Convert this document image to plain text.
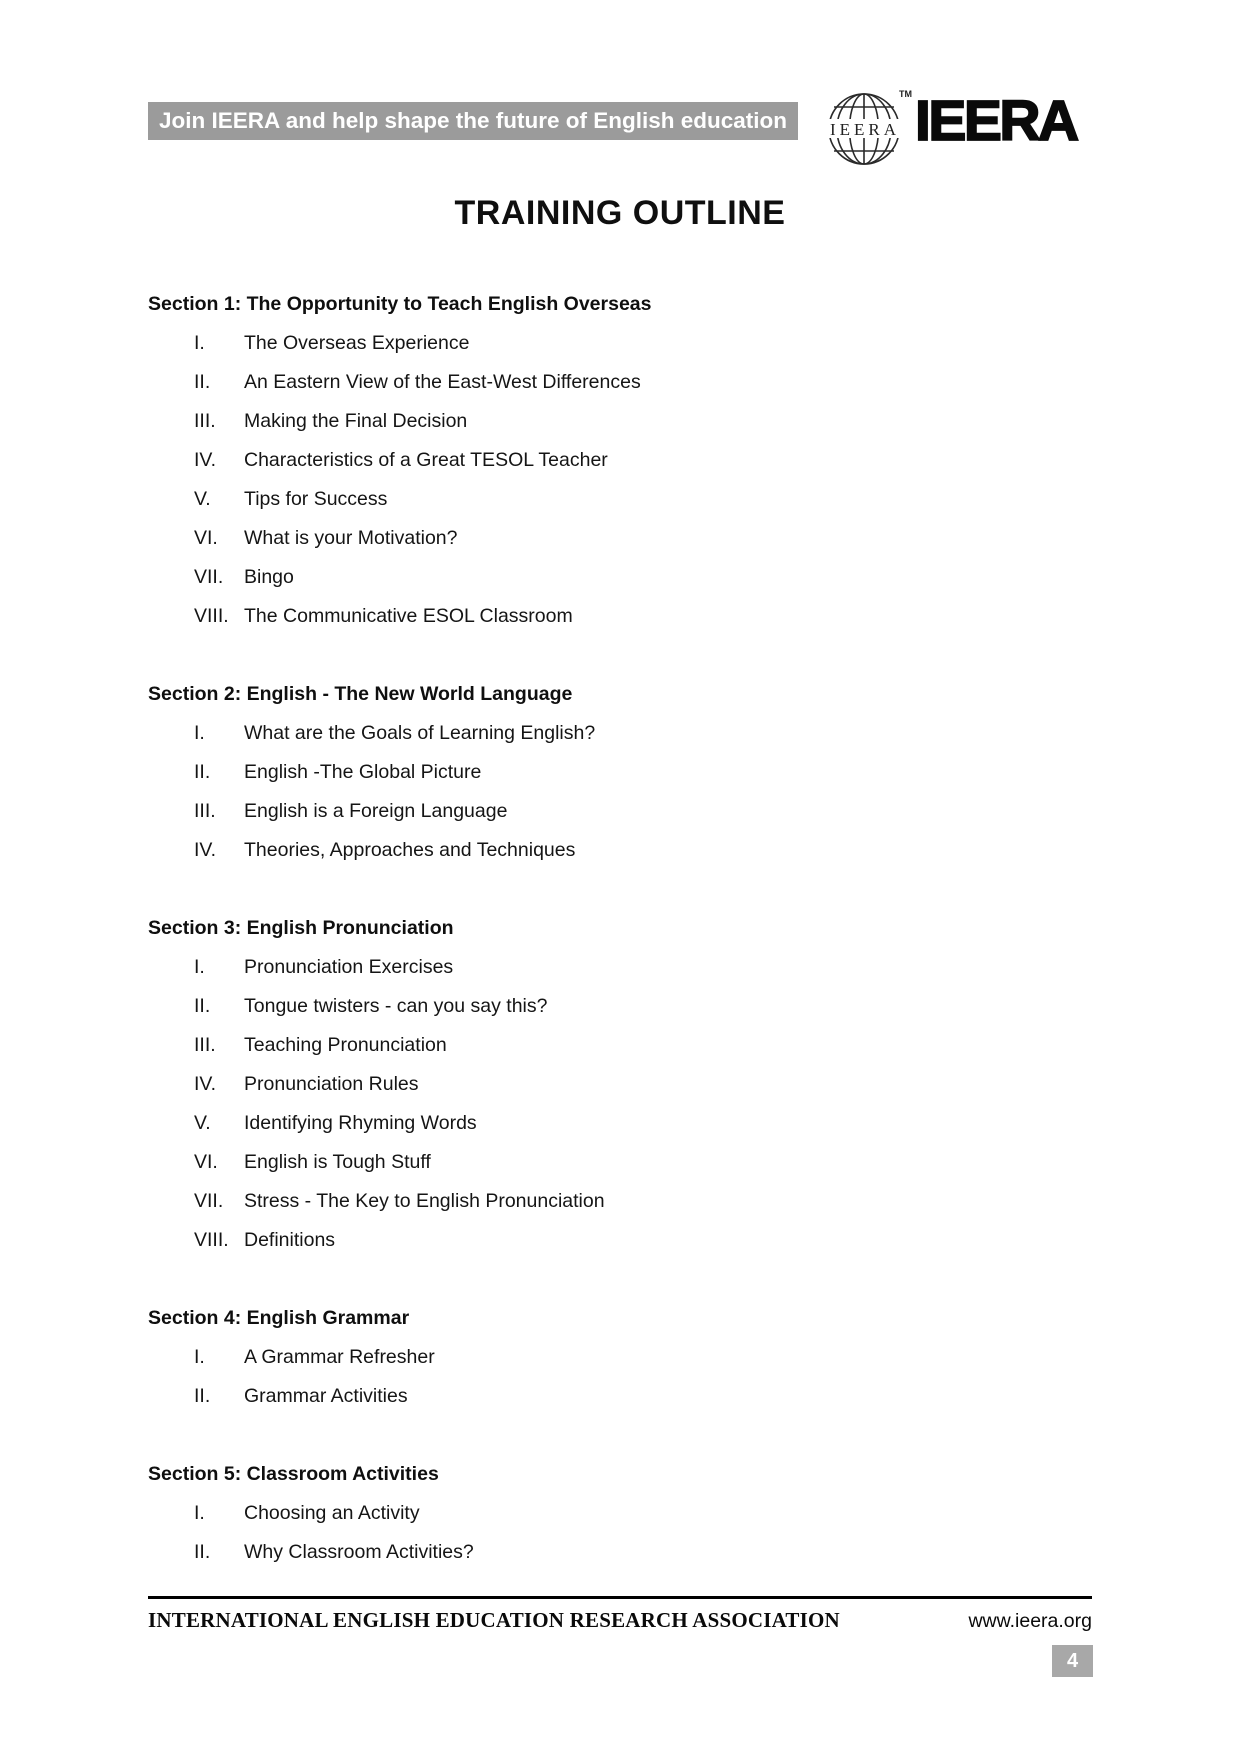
Join IEERA and help shape the future of English education	IEERA
TM IEERA
TRAINING OUTLINE
Section 1: The Opportunity to Teach English Overseas
I.	The Overseas Experience
II.	An Eastern View of the East-West Differences
III.	Making the Final Decision
IV.	Characteristics of a Great TESOL Teacher
V.	Tips for Success
VI.	What is your Motivation?
VII.	Bingo
VIII. The Communicative ESOL Classroom
Section 2: English - The New World Language
I.	What are the Goals of Learning English?
II.	English -The Global Picture
III.	English is a Foreign Language
IV.	Theories, Approaches and Techniques
Section 3: English Pronunciation
I.	Pronunciation Exercises
II.	Tongue twisters - can you say this?
III.	Teaching Pronunciation
IV.	Pronunciation Rules
V.	Identifying Rhyming Words
VI.	English is Tough Stuff
VII.	Stress - The Key to English Pronunciation
VIII. Definitions
Section 4: English Grammar
I.	A Grammar Refresher
II.	Grammar Activities
Section 5: Classroom Activities
I.	Choosing an Activity
II.	Why Classroom Activities?
INTERNATIONAL ENGLISH EDUCATION RESEARCH ASSOCIATION	www.ieera.org
4
